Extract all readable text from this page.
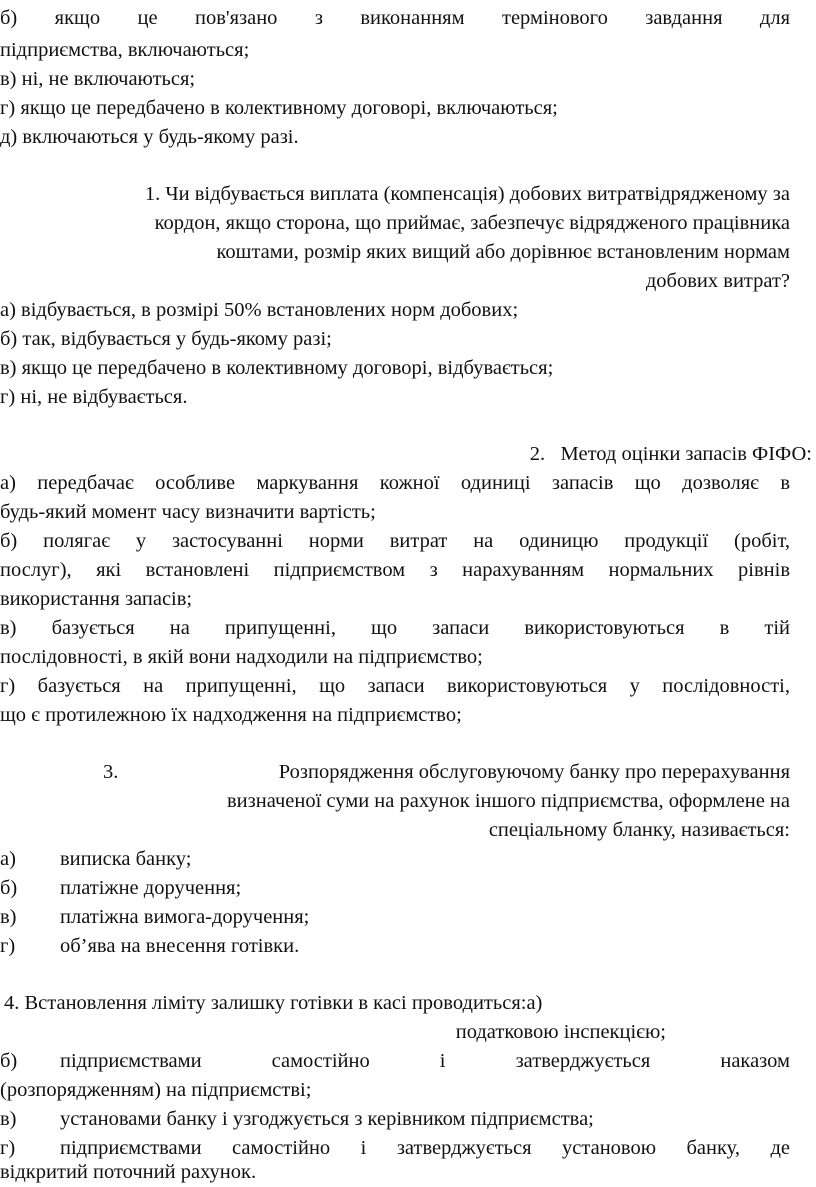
б) якщо це пов'язано з виконанням термінового завдання для

підприємства, включаються;

в) ні, не включаються;

г) якщо це передбачено в колективному договорі, включаються;

д) включаються у будь-якому разі.

1. Чи відбувається виплата (компенсація) добових витратвідрядженому за

кордон, якщо сторона, що приймає, забезпечує відрядженого працівника

коштами, розмір яких вищий або дорівнює встановленим нормам

добових витрат?

а) відбувається, в розмірі 50% встановлених норм добових;

б) так, відбувається у будь-якому разі;

в) якщо це передбачено в колективному договорі, відбувається;

г) ні, не відбувається.

2. Метод оцінки запасів ФІФО:

а) передбачає особливе маркування кожної одиниці запасів що дозволяє в

будь-який момент часу визначити вартість;

б) полягає у застосуванні норми витрат на одиницю продукції (робіт,

послуг), які встановлені підприємством з нарахуванням нормальних рівнів

використання запасів;

в) базується на припущенні, що запаси використовуються в тій

послідовності, в якій вони надходили на підприємство;

г) базується на припущенні, що запаси використовуються у послідовності,

що є протилежною їх надходження на підприємство;

3.	Розпорядження обслуговуючому банку про перерахування

визначеної суми на рахунок іншого підприємства, оформлене на

спеціальному бланку, називається:

а) виписка банку;

б) платіжне доручення;

в) платіжна вимога-доручення;

г) об’ява на внесення готівки.

4. Встановлення ліміту залишку готівки в касі проводиться:а)

податковою інспекцією;

б) підприємствами самостійно і затверджується наказом

(розпорядженням) на підприємстві;

в) установами банку і узгоджується з керівником підприємства;

г) підприємствами самостійно і затверджується установою банку, де

відкритий поточний рахунок.
